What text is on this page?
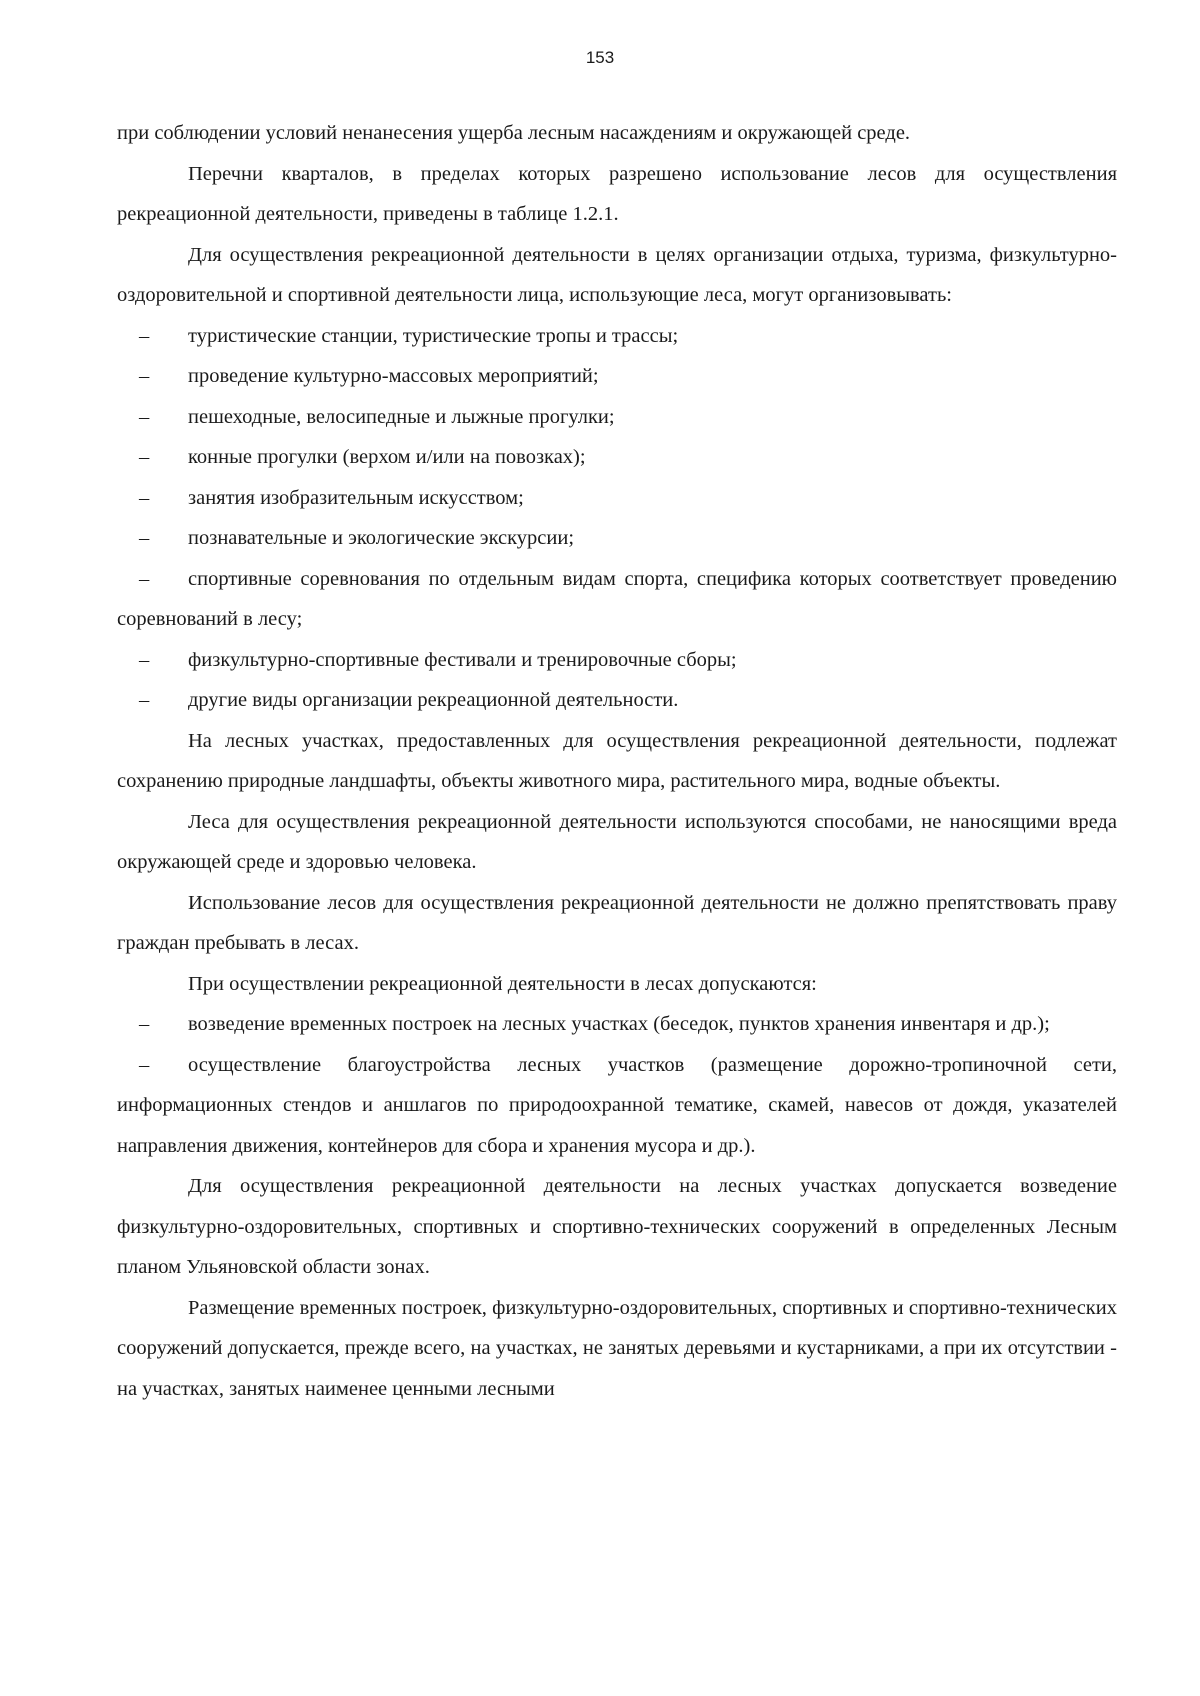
153

при соблюдении условий ненанесения ущерба лесным насаждениям и окружающей среде.

Перечни кварталов, в пределах которых разрешено использование лесов для осуществления рекреационной деятельности, приведены в таблице 1.2.1.

Для осуществления рекреационной деятельности в целях организации отдыха, туризма, физкультурно-оздоровительной и спортивной деятельности лица, использующие леса, могут организовывать:

– туристические станции, туристические тропы и трассы;

– проведение культурно-массовых мероприятий;

– пешеходные, велосипедные и лыжные прогулки;

– конные прогулки (верхом и/или на повозках);

– занятия изобразительным искусством;

– познавательные и экологические экскурсии;

– спортивные соревнования по отдельным видам спорта, специфика которых соответствует проведению соревнований в лесу;

– физкультурно-спортивные фестивали и тренировочные сборы;

– другие виды организации рекреационной деятельности.

На лесных участках, предоставленных для осуществления рекреационной деятельности, подлежат сохранению природные ландшафты, объекты животного мира, растительного мира, водные объекты.

Леса для осуществления рекреационной деятельности используются способами, не наносящими вреда окружающей среде и здоровью человека.

Использование лесов для осуществления рекреационной деятельности не должно препятствовать праву граждан пребывать в лесах.

При осуществлении рекреационной деятельности в лесах допускаются:

– возведение временных построек на лесных участках (беседок, пунктов хранения инвентаря и др.);

– осуществление благоустройства лесных участков (размещение дорожно-тропиночной сети, информационных стендов и аншлагов по природоохранной тематике, скамей, навесов от дождя, указателей направления движения, контейнеров для сбора и хранения мусора и др.).

Для осуществления рекреационной деятельности на лесных участках допускается возведение физкультурно-оздоровительных, спортивных и спортивно-технических сооружений в определенных Лесным планом Ульяновской области зонах.

Размещение временных построек, физкультурно-оздоровительных, спортивных и спортивно-технических сооружений допускается, прежде всего, на участках, не занятых деревьями и кустарниками, а при их отсутствии - на участках, занятых наименее ценными лесными
